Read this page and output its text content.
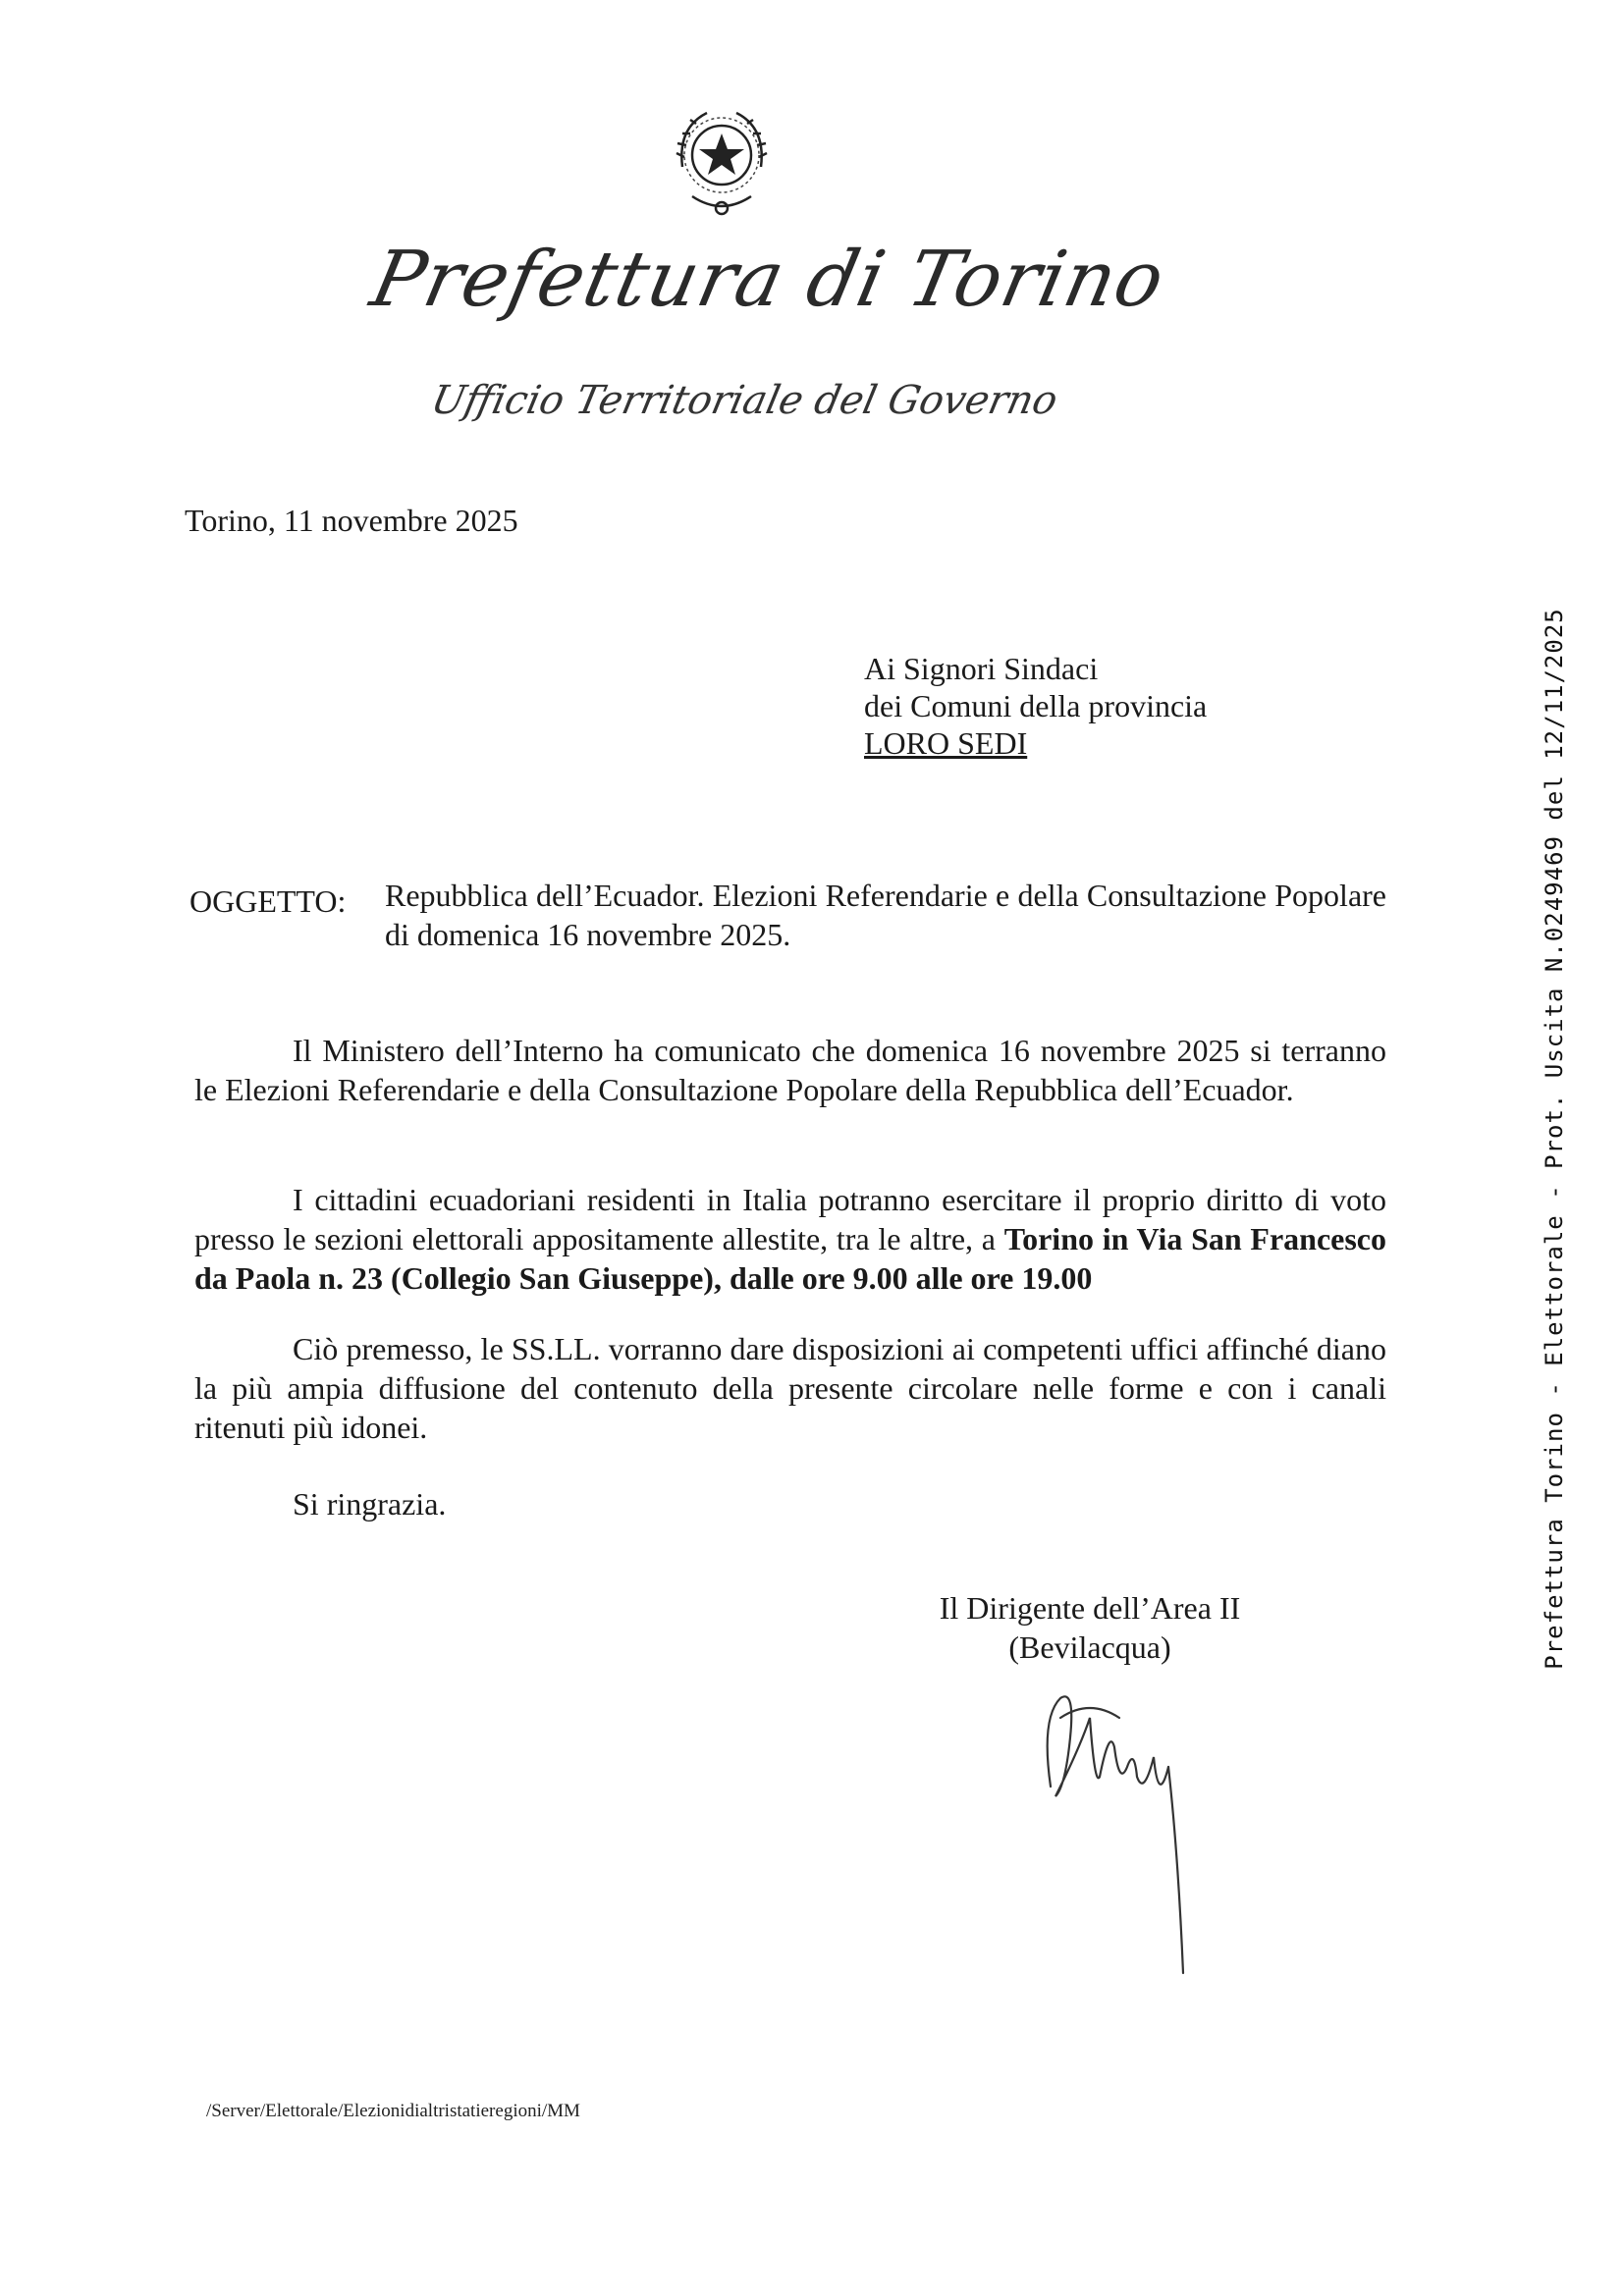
Prefettura di Torino
Ufficio Territoriale del Governo
Torino, 11 novembre 2025
Ai Signori Sindaci
dei Comuni della provincia
LORO SEDI
OGGETTO: Repubblica dell’Ecuador. Elezioni Referendarie e della Consultazione Popolare di domenica 16 novembre 2025.

Il Ministero dell’Interno ha comunicato che domenica 16 novembre 2025 si terranno le Elezioni Referendarie e della Consultazione Popolare della Repubblica dell’Ecuador.

I cittadini ecuadoriani residenti in Italia potranno esercitare il proprio diritto di voto presso le sezioni elettorali appositamente allestite, tra le altre, a Torino in Via San Francesco da Paola n. 23 (Collegio San Giuseppe), dalle ore 9.00 alle ore 19.00

Ciò premesso, le SS.LL. vorranno dare disposizioni ai competenti uffici affinché diano la più ampia diffusione del contenuto della presente circolare nelle forme e con i canali ritenuti più idonei.

Si ringrazia.

Il Dirigente dell’Area II
(Bevilacqua)
/Server/Elettorale/Elezionidialtristatieregioni/MM
Prefettura Torino - Elettorale - Prot. Uscita N.0249469 del 12/11/2025
